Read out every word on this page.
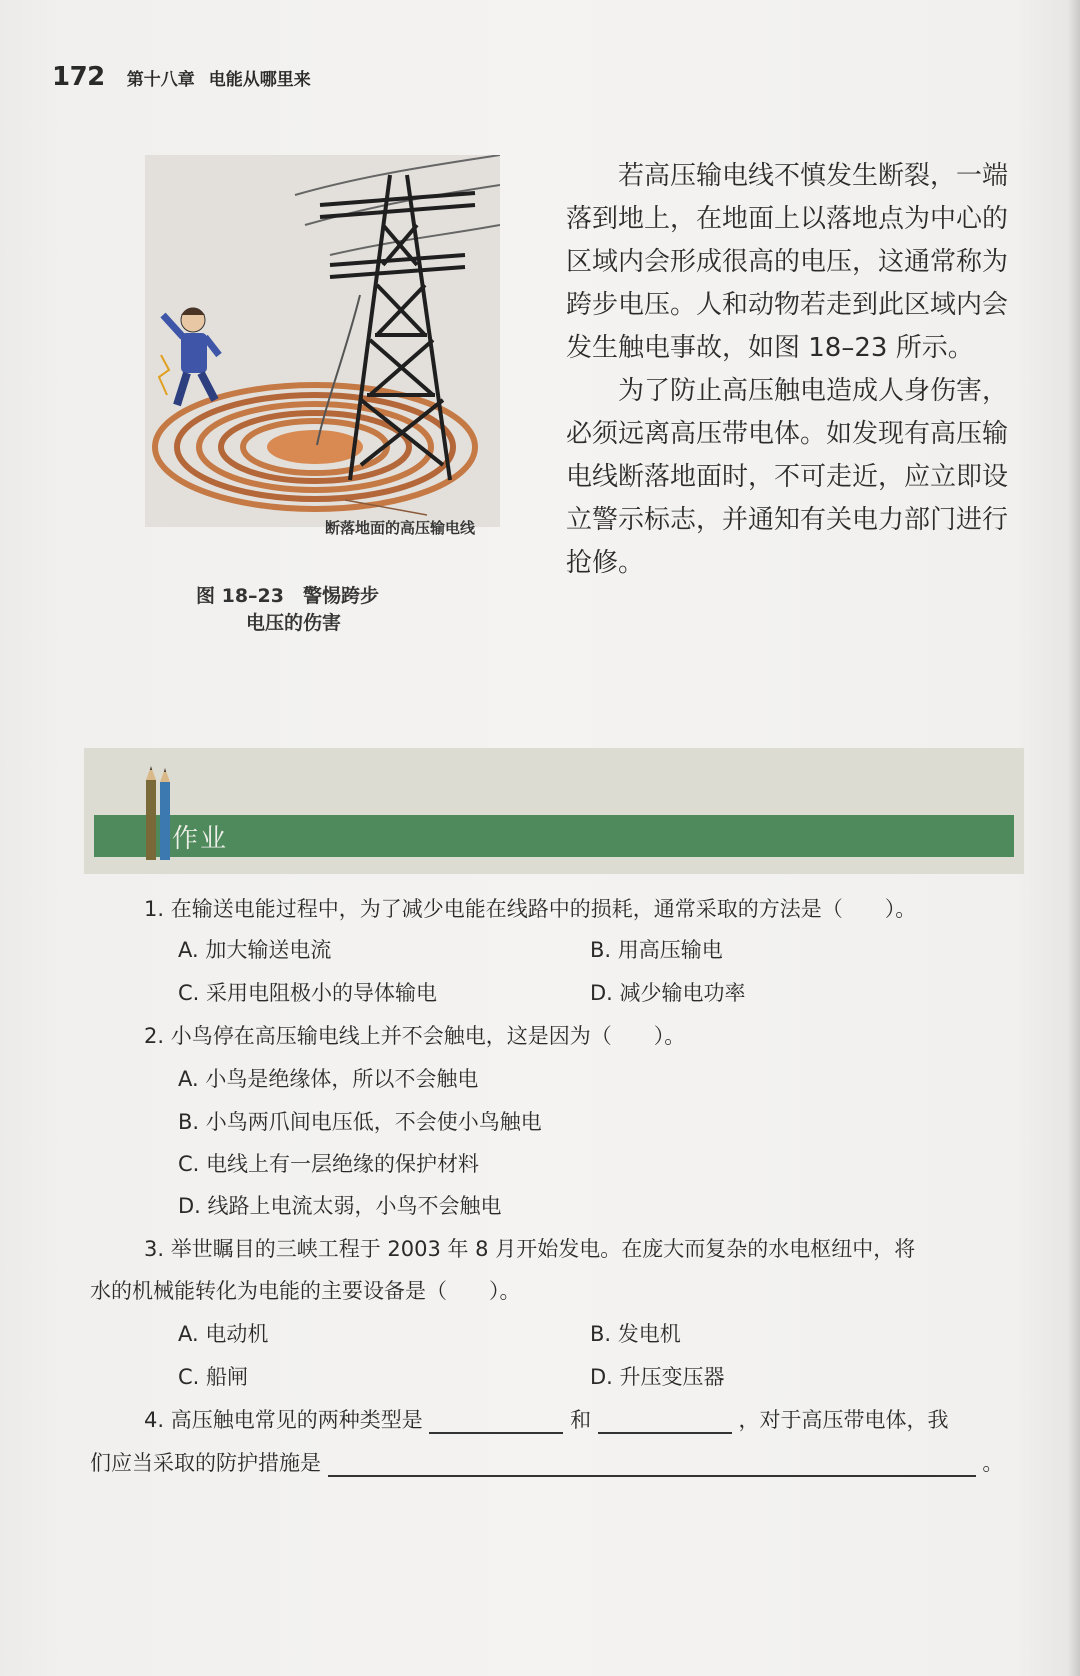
172 第十八章 电能从哪里来
断落地面的高压输电线
图 18–23　警惕跨步
电压的伤害

若高压输电线不慎发生断裂，一端落到地上，在地面上以落地点为中心的区域内会形成很高的电压，这通常称为跨步电压。人和动物若走到此区域内会发生触电事故，如图 18–23 所示。

为了防止高压触电造成人身伤害，必须远离高压带电体。如发现有高压输电线断落地面时，不可走近，应立即设立警示标志，并通知有关电力部门进行抢修。

作业
1. 在输送电能过程中，为了减少电能在线路中的损耗，通常采取的方法是（　　）。
A. 加大输送电流	B. 用高压输电
C. 采用电阻极小的导体输电	D. 减少输电功率
2. 小鸟停在高压输电线上并不会触电，这是因为（　　）。
A. 小鸟是绝缘体，所以不会触电
B. 小鸟两爪间电压低，不会使小鸟触电
C. 电线上有一层绝缘的保护材料
D. 线路上电流太弱，小鸟不会触电
3. 举世瞩目的三峡工程于 2003 年 8 月开始发电。在庞大而复杂的水电枢纽中，将
水的机械能转化为电能的主要设备是（　　）。
A. 电动机	B. 发电机
C. 船闸	D. 升压变压器
4. 高压触电常见的两种类型是	和	，对于高压带电体，我
们应当采取的防护措施是	。
